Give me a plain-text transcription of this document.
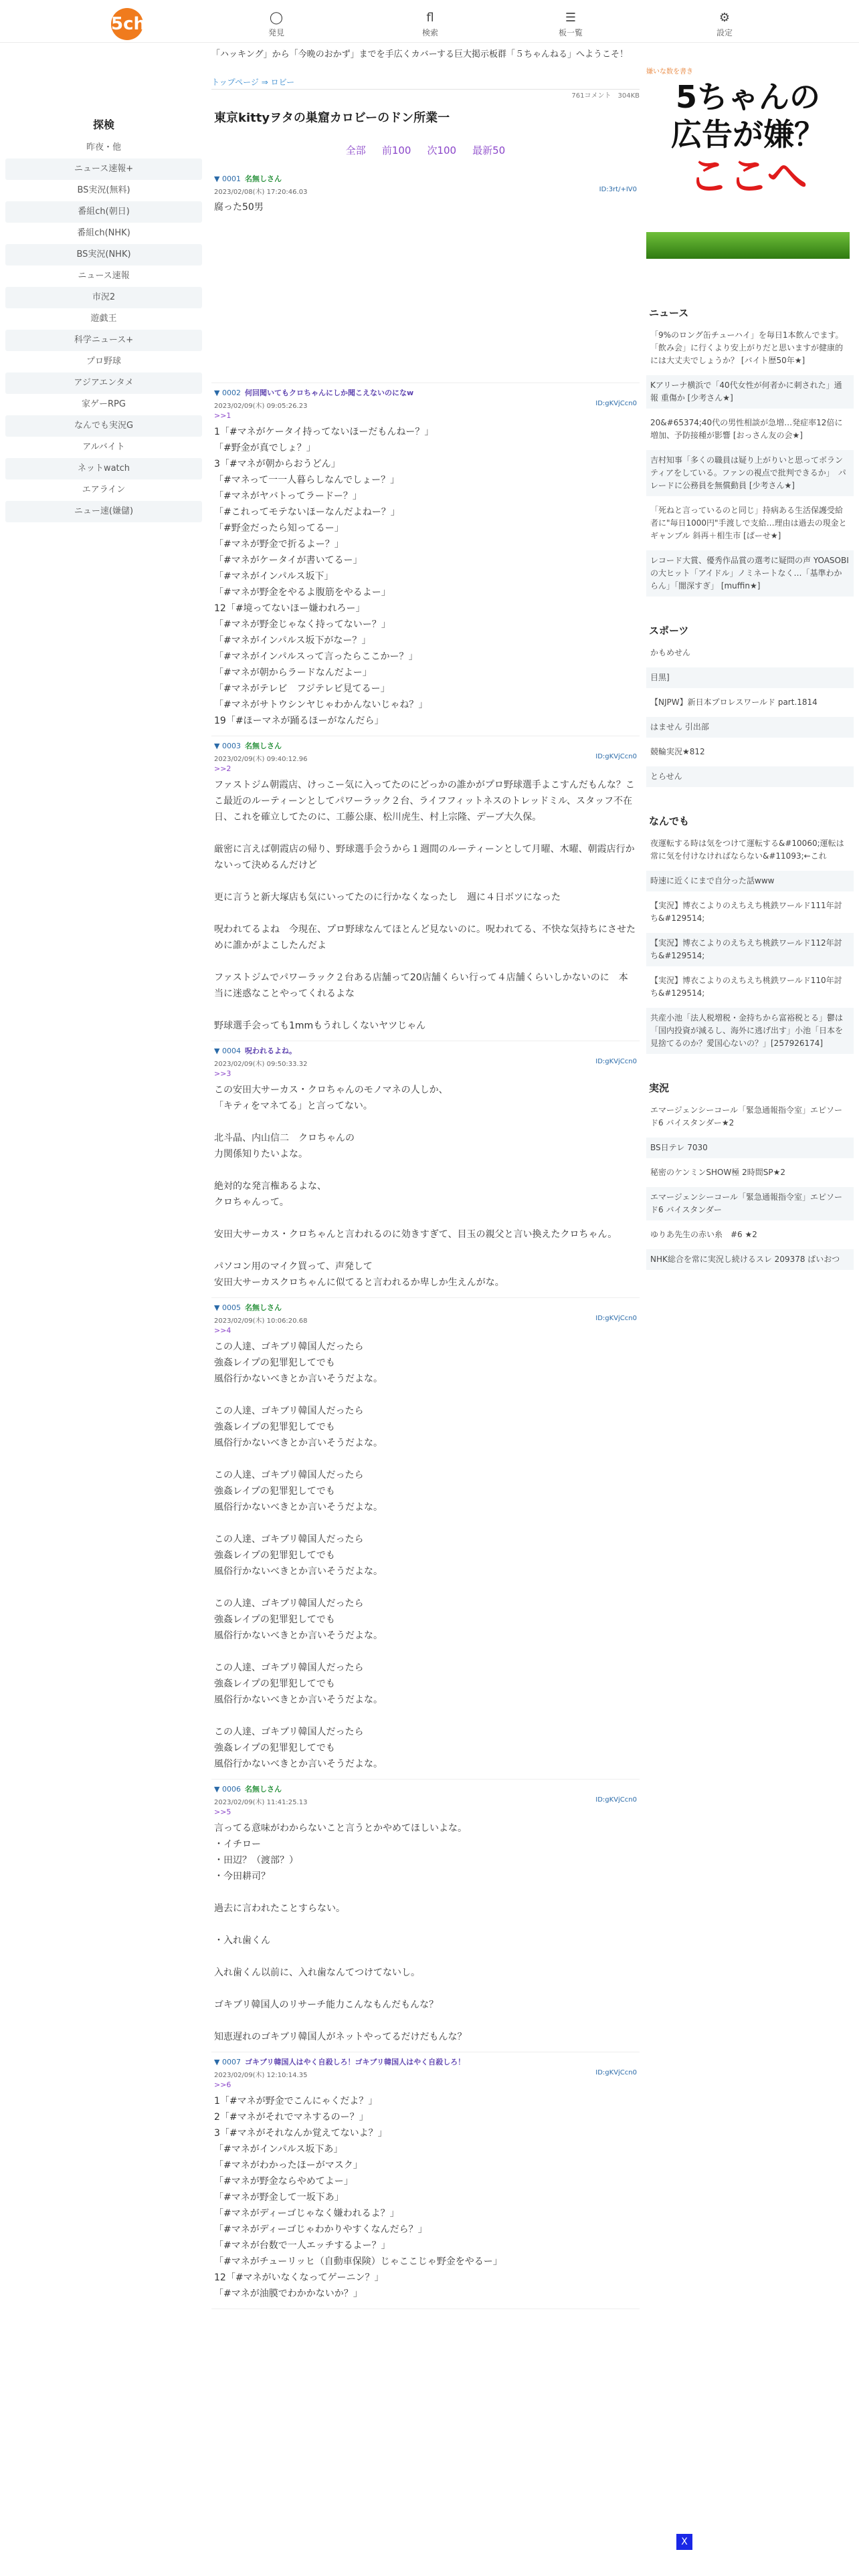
5ch	◯
発見
fl
検索
☰
板一覧
⚙
設定
「ハッキング」から「今晩のおかず」までを手広くカバーする巨大掲示板群「５ちゃんねる」へようこそ！
探検
昨夜・他
ニュース速報+
BS実況(無料)
番組ch(朝日)
番組ch(NHK)
BS実況(NHK)
ニュース速報
市況2
遊戯王
科学ニュース+
プロ野球
アジアエンタメ
家ゲーRPG
なんでも実況G
アルバイト
ネットwatch
エアライン
ニュー速(嫌儲)
トップページ ⇒ ロビー
761コメント　 304KB
東京kittyヲタの巣窟カロビーのドン所業一
全部 前100 次100 最新50
▼ 0001 名無しさん
2023/02/08(木) 17:20:46.03	ID:3rt/+IV0
腐った50男
▼ 0002 何回聞いてもクロちゃんにしか聞こえないのになw
2023/02/09(木) 09:05:26.23	ID:gKVjCcn0
>>1
1「#マネがケータイ持ってないほーだもんねー？」
「#野金が真でしょ？」
3「#マネが朝からおうどん」
「#マネって一一人暮らしなんでしょー？」
「#マネがヤバトってラードー？」
「#これってモテないほーなんだよねー？」
「#野金だったら知ってるー」
「#マネが野金で折るよー？」
「#マネがケータイが書いてるー」
「#マネがインパルス坂下」
「#マネが野金をやるよ腹筋をやるよー」
12「#境ってないほー嫌われろー」
「#マネが野金じゃなく持ってないー？」
「#マネがインパルス坂下がなー？」
「#マネがインパルスって言ったらここかー？」
「#マネが朝からラードなんだよー」
「#マネがテレビ　フジテレビ見てるー」
「#マネがサトウシンヤじゃわかんないじゃね？」
19「#ほーマネが踊るほーがなんだら」
▼ 0003 名無しさん
2023/02/09(木) 09:40:12.96	ID:gKVjCcn0
>>2
ファストジム朝霞店、けっこー気に入ってたのにどっかの誰かがプロ野球選手よこすんだもんな？ここ最近のルーティーンとしてパワーラック２台、ライフフィットネスのトレッドミル、スタッフ不在日、これを確立してたのに、工藤公康、松川虎生、村上宗隆、デーブ大久保。

厳密に言えば朝霞店の帰り、野球選手会うから１週間のルーティーンとして月曜、木曜、朝霞店行かないって決めるんだけど

更に言うと新大塚店も気にいってたのに行かなくなったし　週に４日ボツになった

呪われてるよね　今現在、プロ野球なんてほとんど見ないのに。呪われてる、不快な気持ちにさせために誰かがよこしたんだよ

ファストジムでパワーラック２台ある店舗って20店舗くらい行って４店舗くらいしかないのに　本当に迷惑なことやってくれるよな

野球選手会っても1mmもうれしくないヤツじゃん
▼ 0004 呪われるよね。
2023/02/09(木) 09:50:33.32	ID:gKVjCcn0
>>3
この安田大サーカス・クロちゃんのモノマネの人しか、
「キティをマネてる」と言ってない。

北斗晶、内山信二　クロちゃんの
力関係知りたいよな。

絶対的な発言権あるよな、
クロちゃんって。

安田大サーカス・クロちゃんと言われるのに効きすぎて、目玉の親父と言い換えたクロちゃん。

パソコン用のマイク買って、声発して
安田大サーカスクロちゃんに似てると言われるか卑しか生えんがな。
▼ 0005 名無しさん
2023/02/09(木) 10:06:20.68	ID:gKVjCcn0
>>4
この人達、ゴキブリ韓国人だったら
強姦レイプの犯罪犯してでも
風俗行かないべきとか言いそうだよな。

この人達、ゴキブリ韓国人だったら
強姦レイプの犯罪犯してでも
風俗行かないべきとか言いそうだよな。

この人達、ゴキブリ韓国人だったら
強姦レイプの犯罪犯してでも
風俗行かないべきとか言いそうだよな。

この人達、ゴキブリ韓国人だったら
強姦レイプの犯罪犯してでも
風俗行かないべきとか言いそうだよな。

この人達、ゴキブリ韓国人だったら
強姦レイプの犯罪犯してでも
風俗行かないべきとか言いそうだよな。

この人達、ゴキブリ韓国人だったら
強姦レイプの犯罪犯してでも
風俗行かないべきとか言いそうだよな。

この人達、ゴキブリ韓国人だったら
強姦レイプの犯罪犯してでも
風俗行かないべきとか言いそうだよな。
▼ 0006 名無しさん
2023/02/09(木) 11:41:25.13	ID:gKVjCcn0
>>5
言ってる意味がわからないこと言うとかやめてほしいよな。
・イチロー
・田辺？（渡部？）
・今田耕司？

過去に言われたことすらない。

・入れ歯くん

入れ歯くん以前に、入れ歯なんてつけてないし。

ゴキブリ韓国人のリサーチ能力こんなもんだもんな？

知恵遅れのゴキブリ韓国人がネットやってるだけだもんな？
▼ 0007 ゴキブリ韓国人はやく自殺しろ！ゴキブリ韓国人はやく自殺しろ！
2023/02/09(木) 12:10:14.35	ID:gKVjCcn0
>>6
1「#マネが野金でこんにゃくだよ？」
2「#マネがそれでマネするのー？」
3「#マネがそれなんか覚えてないよ？」
「#マネがインパルス坂下あ」
「#マネがわかったほーがマスク」
「#マネが野金ならやめてよー」
「#マネが野金して一坂下あ」
「#マネがディーゴじゃなく嫌われるよ？」
「#マネがディーゴじゃわかりやすくなんだら？」
「#マネが台数で一人エッチするよー？」
「#マネがチューリッヒ（自動車保険）じゃここじゃ野金をやるー」
12「#マネがいなくなってゲーニン？」
「#マネが油膜でわかかないか？」
嫌いな数を書き
5ちゃんの
広告が嫌？
ここへ
ニュース
「9%のロング缶チューハイ」を毎日1本飲んでます。「飲み会」に行くより安上がりだと思いますが健康的には大丈夫でしょうか？ [バイト歴50年★]
Kアリーナ横浜で「40代女性が何者かに刺された」通報 重傷か [少考さん★]
20&#65374;40代の男性相談が急増…発症率12倍に増加、予防接種が影響 [おっさん友の会★]
吉村知事「多くの職員は疑り上がりいと思ってボランティアをしている。ファンの視点で批判できるか」　パレードに公務員を無償動員 [少考さん★]
「死ねと言っているのと同じ」持病ある生活保護受給者に"毎日1000円"手渡しで支給…理由は過去の現金とギャンブル 斜再＋相生市 [ぱーせ★]
レコード大賞、優秀作品賞の選考に疑問の声 YOASOBIの大ヒット「アイドル」ノミネートなく…「基準わからん」「闇深すぎ」 [muffin★]
スポーツ
かもめせん
目黒]
【NJPW】新日本プロレスワールド part.1814
はません 引出部
競輪実況★812
とらせん
なんでも
夜運転する時は気をつけて運転する&#10060;運転は常に気を付けなければならない&#11093;←これ
時速に近くにまで自分った話www
【実況】博衣こよりのえちえち桃鉄ワールド111年討ち&#129514;
【実況】博衣こよりのえちえち桃鉄ワールド112年討ち&#129514;
【実況】博衣こよりのえちえち桃鉄ワールド110年討ち&#129514;
共産小池「法人税増税・金持ちから富裕税とる」鬱は「国内投資が減るし、海外に逃げ出す」小池「日本を見捨てるのか？愛国心ないの？」[257926174]
実況
エマージェンシーコール「緊急通報指令室」エピソード6 バイスタンダー★2
BS日テレ 7030
秘密のケンミンSHOW極 2時間SP★2
エマージェンシーコール「緊急通報指令室」エピソード6 バイスタンダー
ゆりあ先生の赤い糸　#6 ★2
NHK総合を常に実況し続けるスレ 209378 ぱいおつ
X
